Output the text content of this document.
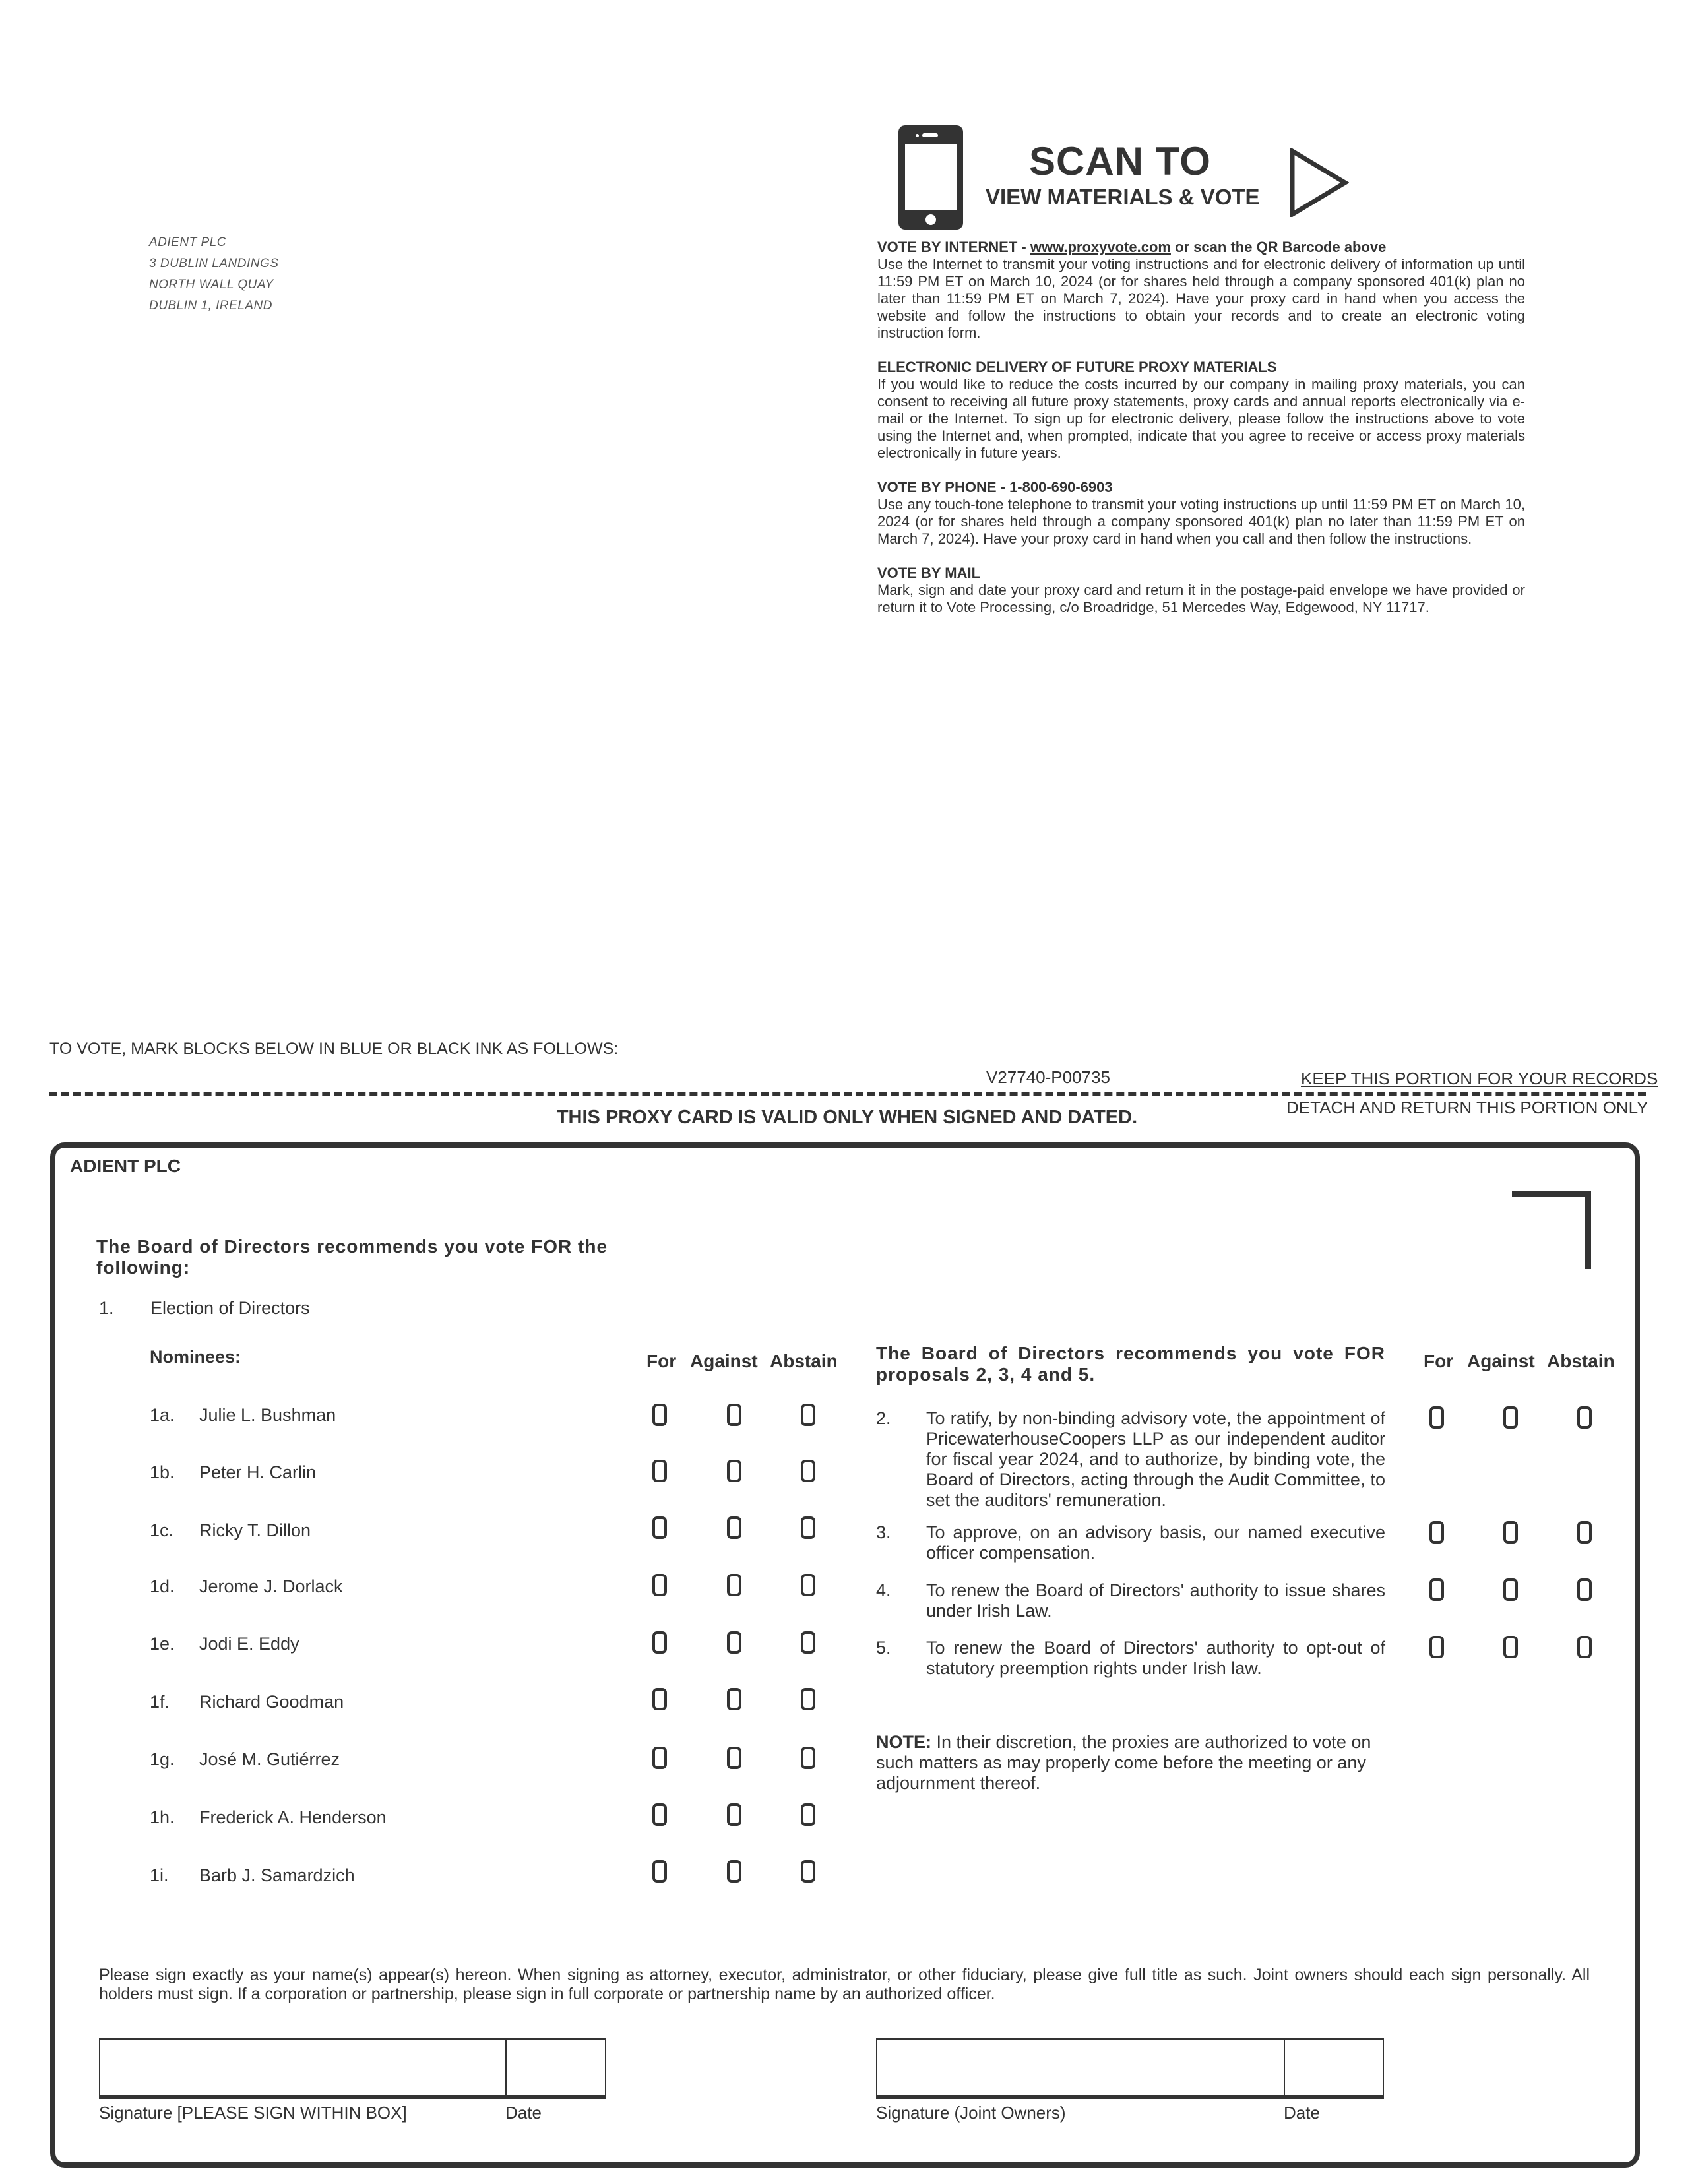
ADIENT PLC
3 DUBLIN LANDINGS
NORTH WALL QUAY
DUBLIN 1, IRELAND
SCAN TO
VIEW MATERIALS & VOTE
VOTE BY INTERNET - www.proxyvote.com or scan the QR Barcode above

Use the Internet to transmit your voting instructions and for electronic delivery of information up until 11:59 PM ET on March 10, 2024 (or for shares held through a company sponsored 401(k) plan no later than 11:59 PM ET on March 7, 2024). Have your proxy card in hand when you access the website and follow the instructions to obtain your records and to create an electronic voting instruction form.

ELECTRONIC DELIVERY OF FUTURE PROXY MATERIALS

If you would like to reduce the costs incurred by our company in mailing proxy materials, you can consent to receiving all future proxy statements, proxy cards and annual reports electronically via e-mail or the Internet. To sign up for electronic delivery, please follow the instructions above to vote using the Internet and, when prompted, indicate that you agree to receive or access proxy materials electronically in future years.

VOTE BY PHONE - 1-800-690-6903

Use any touch-tone telephone to transmit your voting instructions up until 11:59 PM ET on March 10, 2024 (or for shares held through a company sponsored 401(k) plan no later than 11:59 PM ET on March 7, 2024). Have your proxy card in hand when you call and then follow the instructions.

VOTE BY MAIL

Mark, sign and date your proxy card and return it in the postage-paid envelope we have provided or return it to Vote Processing, c/o Broadridge, 51 Mercedes Way, Edgewood, NY 11717.

TO VOTE, MARK BLOCKS BELOW IN BLUE OR BLACK INK AS FOLLOWS:
V27740-P00735	KEEP THIS PORTION FOR YOUR RECORDS
DETACH AND RETURN THIS PORTION ONLY
THIS PROXY CARD IS VALID ONLY WHEN SIGNED AND DATED.
ADIENT PLC
The Board of Directors recommends you vote FOR the following:
1. Election of Directors
Nominees:	For Against Abstain
1a. Julie L. Bushman
1b. Peter H. Carlin
1c. Ricky T. Dillon
1d. Jerome J. Dorlack
1e. Jodi E. Eddy
1f. Richard Goodman
1g. José M. Gutiérrez
1h. Frederick A. Henderson
1i. Barb J. Samardzich
The Board of Directors recommends you vote FOR proposals 2, 3, 4 and 5.
For Against Abstain
2. To ratify, by non-binding advisory vote, the appointment of PricewaterhouseCoopers LLP as our independent auditor for fiscal year 2024, and to authorize, by binding vote, the Board of Directors, acting through the Audit Committee, to set the auditors' remuneration.
3. To approve, on an advisory basis, our named executive officer compensation.
4. To renew the Board of Directors' authority to issue shares under Irish Law.
5. To renew the Board of Directors' authority to opt-out of statutory preemption rights under Irish law.
NOTE: In their discretion, the proxies are authorized to vote on such matters as may properly come before the meeting or any adjournment thereof.
Please sign exactly as your name(s) appear(s) hereon. When signing as attorney, executor, administrator, or other fiduciary, please give full title as such. Joint owners should each sign personally. All holders must sign. If a corporation or partnership, please sign in full corporate or partnership name by an authorized officer.
Signature [PLEASE SIGN WITHIN BOX]	Date	Signature (Joint Owners)	Date
